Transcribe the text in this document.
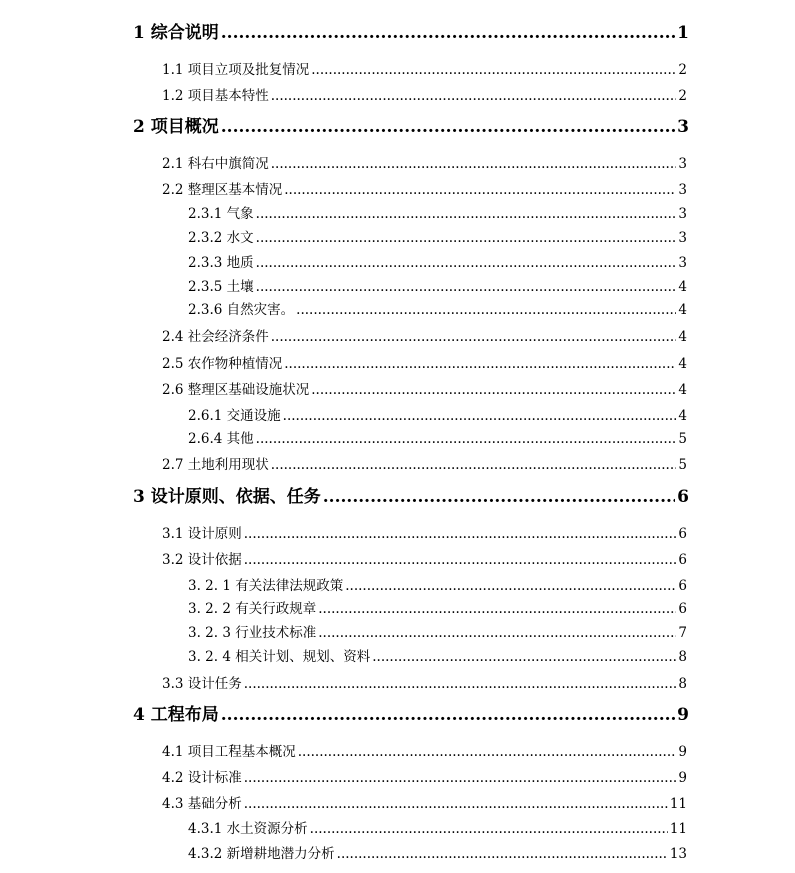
1 综合说明 .....	1
1.1 项目立项及批复情况 .....	2
1.2 项目基本特性 .....	2
2 项目概况 .....	3
2.1 科右中旗简况 .....	3
2.2 整理区基本情况 .....	3
2.3.1 气象 .....	3
2.3.2 水文 .....	3
2.3.3 地质 .....	3
2.3.5 土壤 .....	4
2.3.6 自然灾害。 .....	4
2.4 社会经济条件 .....	4
2.5 农作物种植情况 .....	4
2.6 整理区基础设施状况 .....	4
2.6.1 交通设施 .....	4
2.6.4 其他 .....	5
2.7 土地利用现状 .....	5
3 设计原则、依据、任务 .....	6
3.1 设计原则 .....	6
3.2 设计依据 .....	6
3. 2. 1 有关法律法规政策 .....	6
3. 2. 2 有关行政规章 .....	6
3. 2. 3 行业技术标准 .....	7
3. 2. 4 相关计划、规划、资料 .....	8
3.3 设计任务 .....	8
4 工程布局 .....	9
4.1 项目工程基本概况 .....	9
4.2 设计标准 .....	9
4.3 基础分析 .....	11
4.3.1 水土资源分析 .....	11
4.3.2 新增耕地潜力分析 .....	13
